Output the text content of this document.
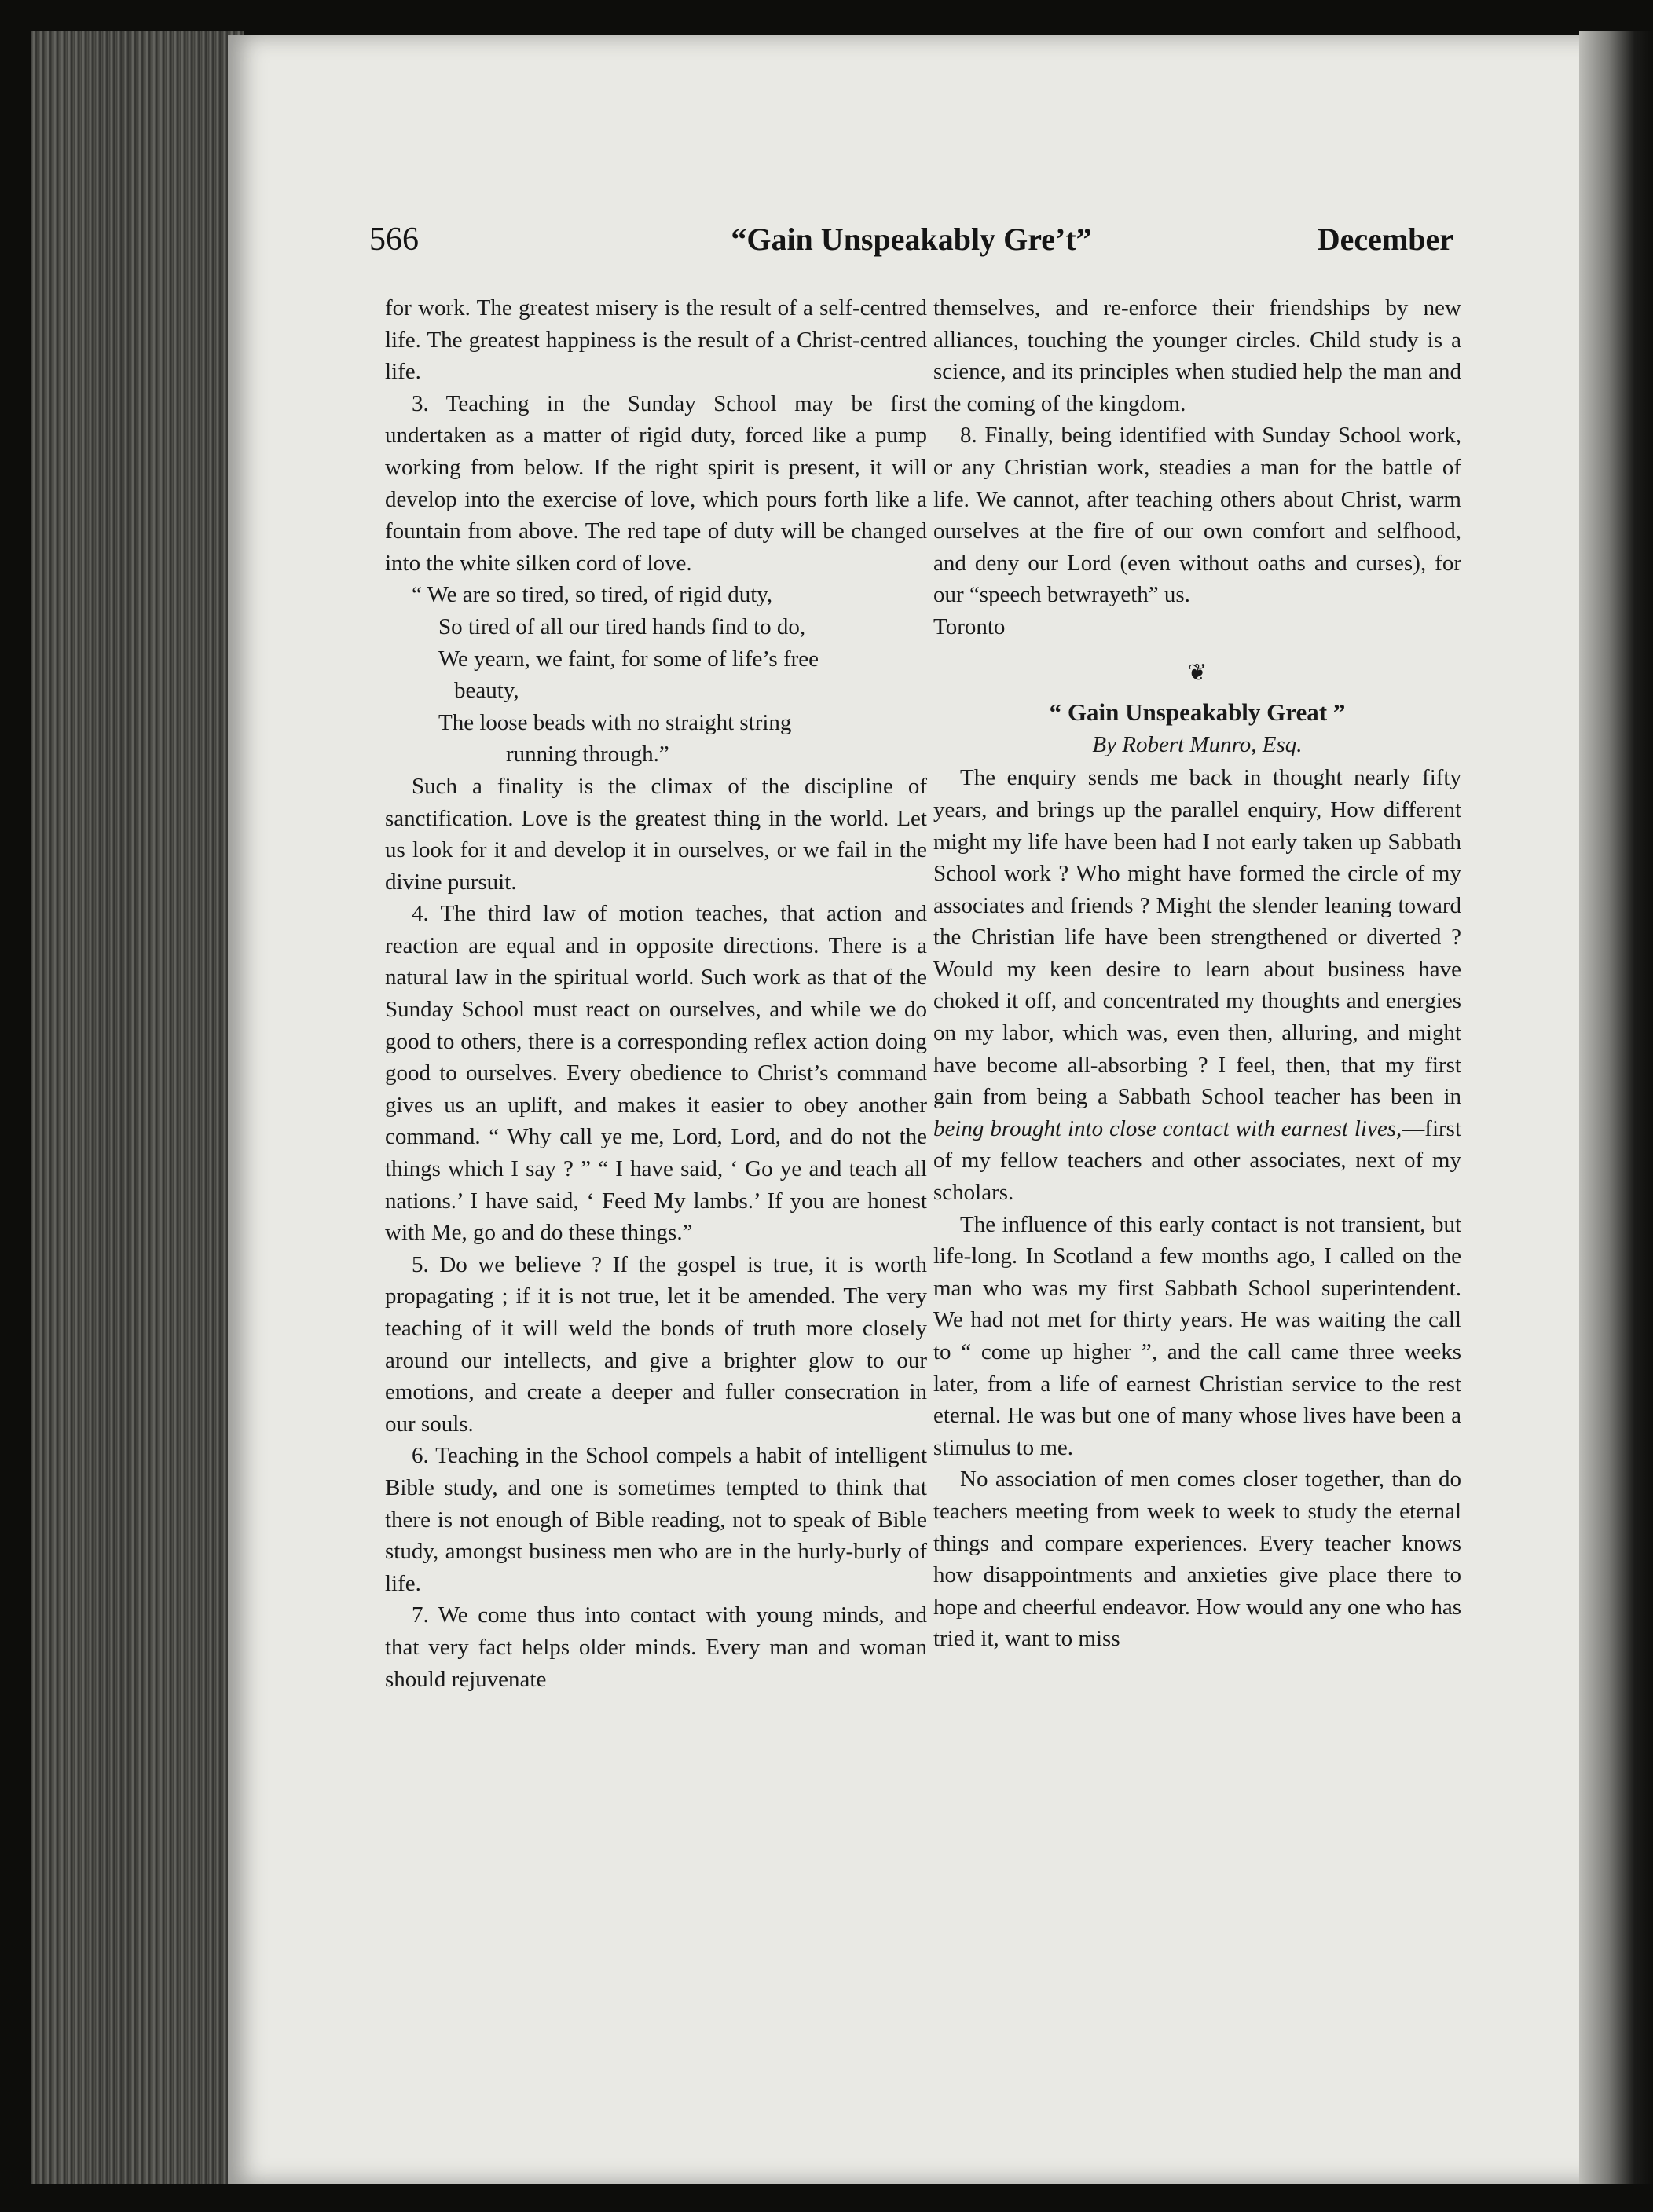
566	“Gain Unspeakably Gre’t”	December

for work. The greatest misery is the result of a self-centred life. The greatest happiness is the result of a Christ-centred life.

3. Teaching in the Sunday School may be first undertaken as a matter of rigid duty, forced like a pump working from below. If the right spirit is present, it will develop into the exercise of love, which pours forth like a fountain from above. The red tape of duty will be changed into the white silken cord of love.

“ We are so tired, so tired, of rigid duty,

So tired of all our tired hands find to do,

We yearn, we faint, for some of life’s free

beauty,

The loose beads with no straight string

running through.”

Such a finality is the climax of the discipline of sanctification. Love is the greatest thing in the world. Let us look for it and develop it in ourselves, or we fail in the divine pursuit.

4. The third law of motion teaches, that action and reaction are equal and in opposite directions. There is a natural law in the spiritual world. Such work as that of the Sunday School must react on ourselves, and while we do good to others, there is a corresponding reflex action doing good to ourselves. Every obedience to Christ’s command gives us an uplift, and makes it easier to obey another command. “ Why call ye me, Lord, Lord, and do not the things which I say ? ” “ I have said, ‘ Go ye and teach all nations.’ I have said, ‘ Feed My lambs.’ If you are honest with Me, go and do these things.”

5. Do we believe ? If the gospel is true, it is worth propagating ; if it is not true, let it be amended. The very teaching of it will weld the bonds of truth more closely around our intellects, and give a brighter glow to our emotions, and create a deeper and fuller consecration in our souls.

6. Teaching in the School compels a habit of intelligent Bible study, and one is sometimes tempted to think that there is not enough of Bible reading, not to speak of Bible study, amongst business men who are in the hurly-burly of life.

7. We come thus into contact with young minds, and that very fact helps older minds. Every man and woman should rejuvenate

themselves, and re-enforce their friendships by new alliances, touching the younger circles. Child study is a science, and its principles when studied help the man and the coming of the kingdom.

8. Finally, being identified with Sunday School work, or any Christian work, steadies a man for the battle of life. We cannot, after teaching others about Christ, warm ourselves at the fire of our own comfort and selfhood, and deny our Lord (even without oaths and curses), for our “speech betwrayeth” us.

Toronto

❦
“ Gain Unspeakably Great ”
By Robert Munro, Esq.

The enquiry sends me back in thought nearly fifty years, and brings up the parallel enquiry, How different might my life have been had I not early taken up Sabbath School work ? Who might have formed the circle of my associates and friends ? Might the slender leaning toward the Christian life have been strengthened or diverted ? Would my keen desire to learn about business have choked it off, and concentrated my thoughts and energies on my labor, which was, even then, alluring, and might have become all-absorbing ? I feel, then, that my first gain from being a Sabbath School teacher has been in being brought into close contact with earnest lives,—first of my fellow teachers and other associates, next of my scholars.

The influence of this early contact is not transient, but life-long. In Scotland a few months ago, I called on the man who was my first Sabbath School superintendent. We had not met for thirty years. He was waiting the call to “ come up higher ”, and the call came three weeks later, from a life of earnest Christian service to the rest eternal. He was but one of many whose lives have been a stimulus to me.

No association of men comes closer together, than do teachers meeting from week to week to study the eternal things and compare experiences. Every teacher knows how disappointments and anxieties give place there to hope and cheerful endeavor. How would any one who has tried it, want to miss
